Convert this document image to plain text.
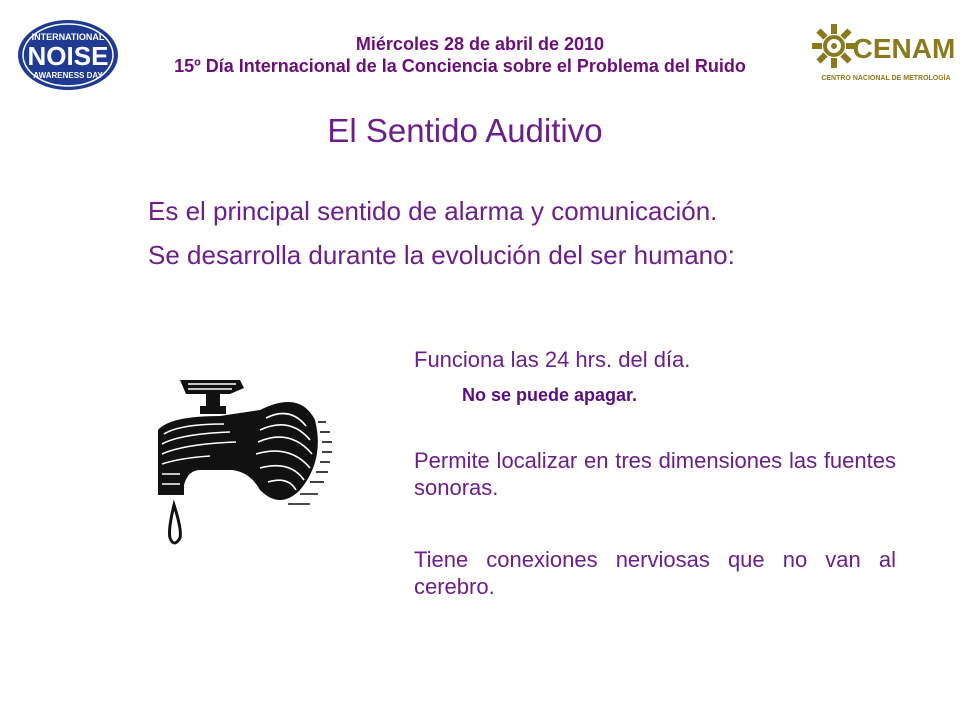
Miércoles 28 de abril de 2010
15º Día Internacional de la Conciencia sobre el Problema del Ruido
INTERNATIONAL
NOISE
AWARENESS DAY
CENAM
CENTRO NACIONAL DE METROLOGÍA
El Sentido Auditivo
Es el principal sentido de alarma y comunicación.
Se desarrolla durante la evolución del ser humano:
Funciona las 24 hrs. del día.
No se puede apagar.
Permite localizar en tres dimensiones las fuentes sonoras.
Tiene conexiones nerviosas que no van al cerebro.
